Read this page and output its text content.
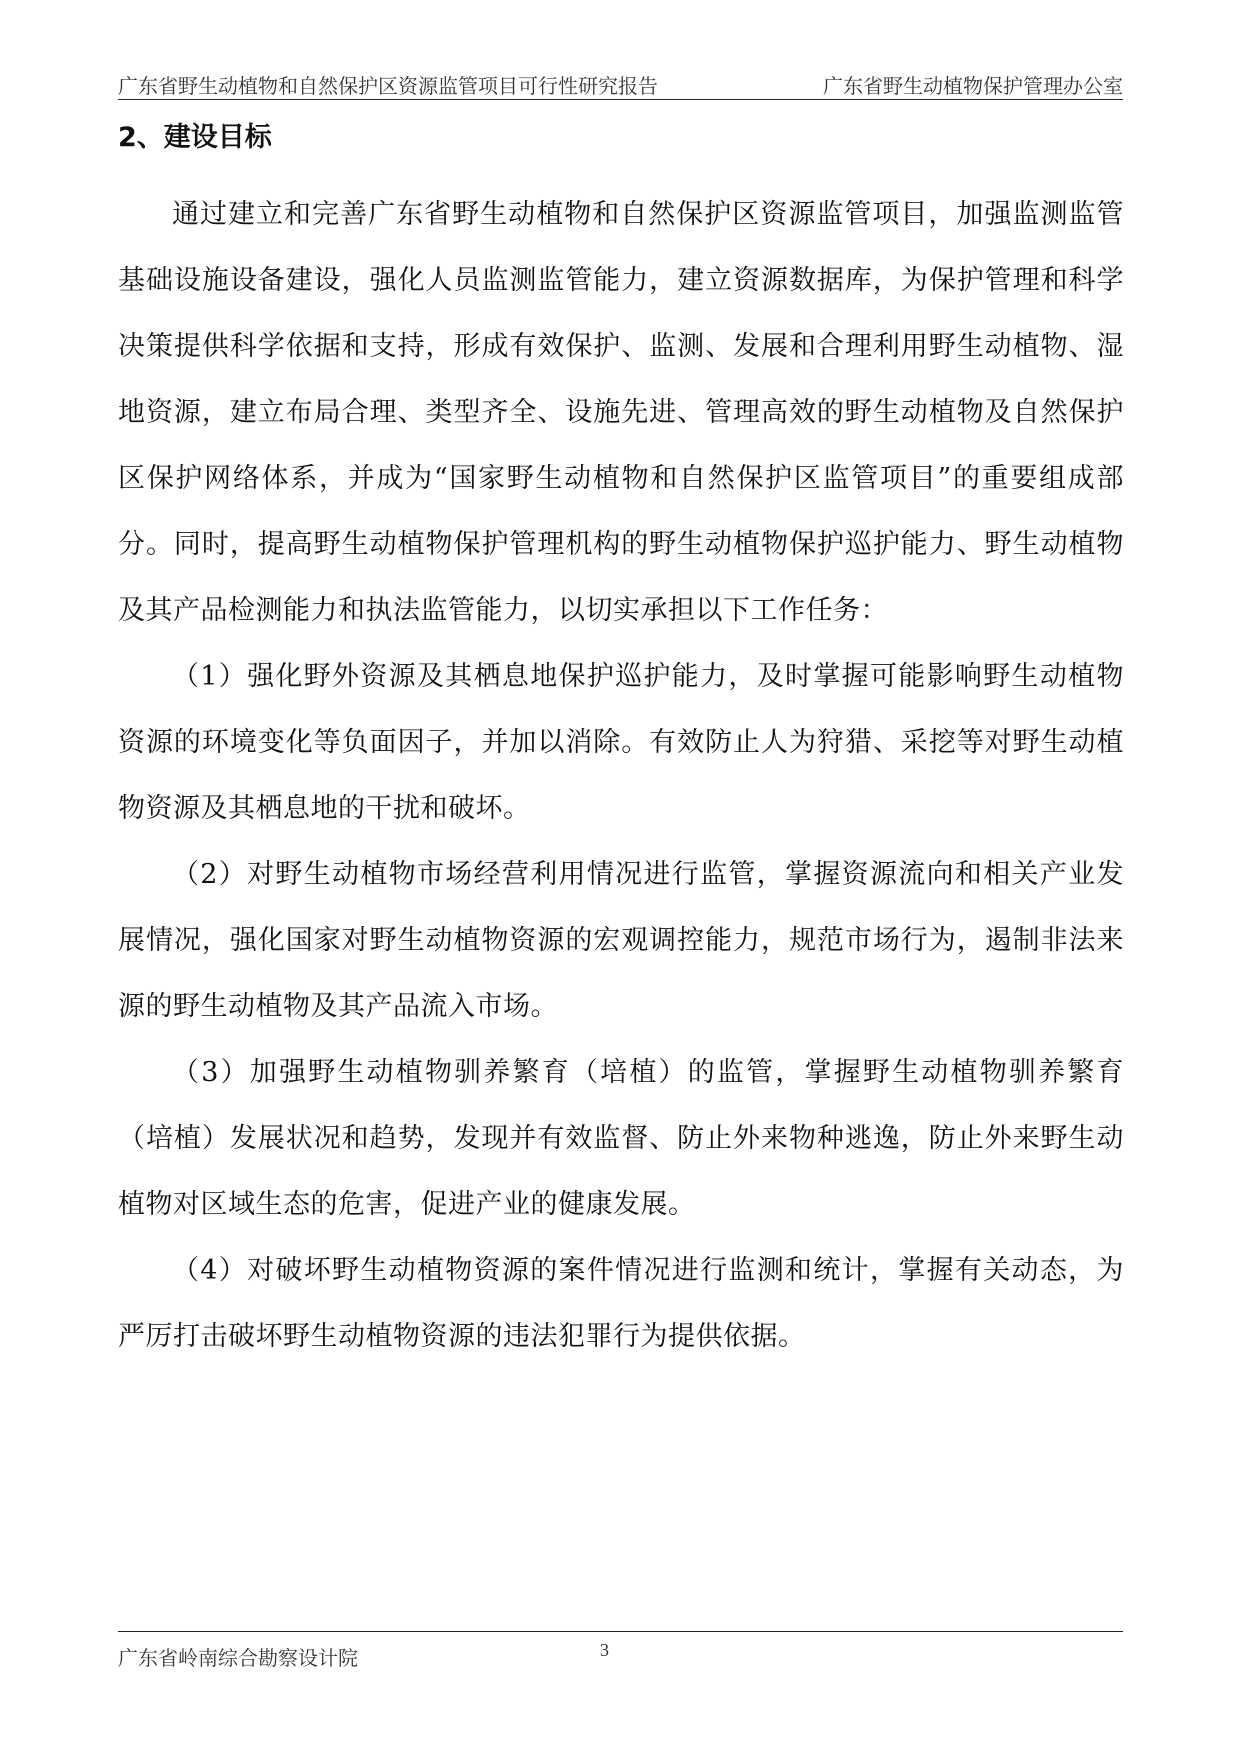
广东省野生动植物和自然保护区资源监管项目可行性研究报告	广东省野生动植物保护管理办公室
2、建设目标

通过建立和完善广东省野生动植物和自然保护区资源监管项目，加强监测监管基础设施设备建设，强化人员监测监管能力，建立资源数据库，为保护管理和科学决策提供科学依据和支持，形成有效保护、监测、发展和合理利用野生动植物、湿地资源，建立布局合理、类型齐全、设施先进、管理高效的野生动植物及自然保护区保护网络体系，并成为“国家野生动植物和自然保护区监管项目”的重要组成部分。同时，提高野生动植物保护管理机构的野生动植物保护巡护能力、野生动植物及其产品检测能力和执法监管能力，以切实承担以下工作任务：

（1）强化野外资源及其栖息地保护巡护能力，及时掌握可能影响野生动植物资源的环境变化等负面因子，并加以消除。有效防止人为狩猎、采挖等对野生动植物资源及其栖息地的干扰和破坏。

（2）对野生动植物市场经营利用情况进行监管，掌握资源流向和相关产业发展情况，强化国家对野生动植物资源的宏观调控能力，规范市场行为，遏制非法来源的野生动植物及其产品流入市场。

（3）加强野生动植物驯养繁育（培植）的监管，掌握野生动植物驯养繁育（培植）发展状况和趋势，发现并有效监督、防止外来物种逃逸，防止外来野生动植物对区域生态的危害，促进产业的健康发展。

（4）对破坏野生动植物资源的案件情况进行监测和统计，掌握有关动态，为严厉打击破坏野生动植物资源的违法犯罪行为提供依据。

广东省岭南综合勘察设计院	3
